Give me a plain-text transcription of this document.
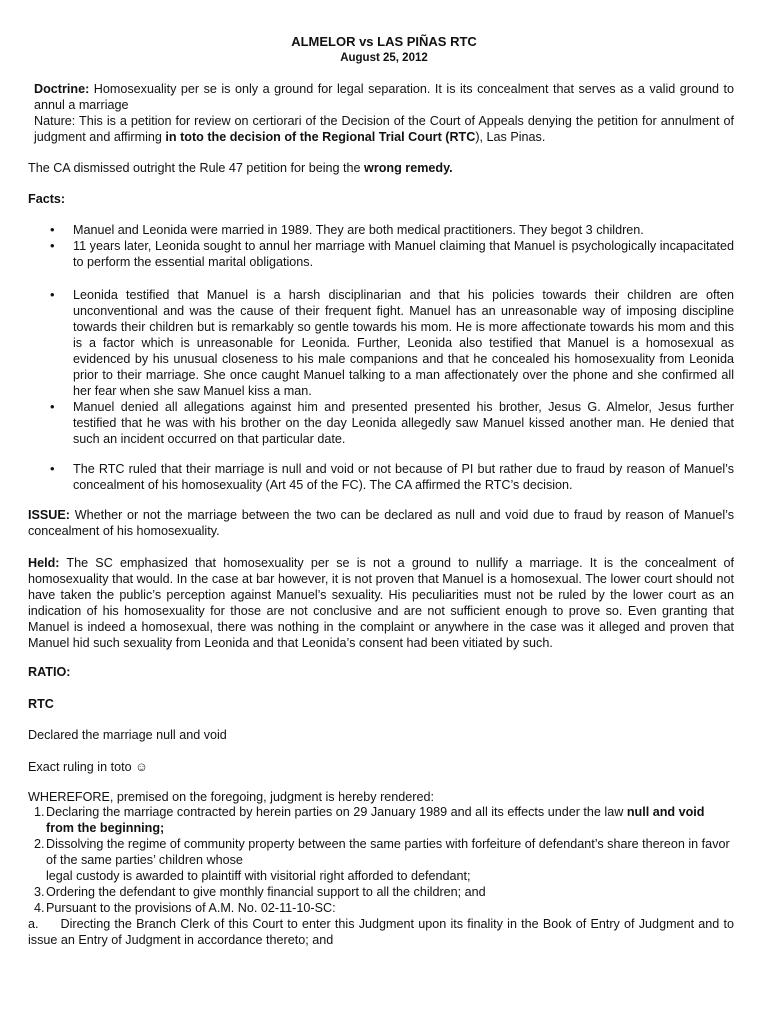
ALMELOR vs LAS PIÑAS RTC
August 25, 2012

Doctrine: Homosexuality per se is only a ground for legal separation. It is its concealment that serves as a valid ground to annul a marriage

Nature: This is a petition for review on certiorari of the Decision of the Court of Appeals denying the petition for annulment of judgment and affirming in toto the decision of the Regional Trial Court (RTC), Las Pinas.

The CA dismissed outright the Rule 47 petition for being the wrong remedy.

Facts:
• Manuel and Leonida were married in 1989. They are both medical practitioners. They begot 3 children.
• 11 years later, Leonida sought to annul her marriage with Manuel claiming that Manuel is psychologically incapacitated to perform the essential marital obligations.
• Leonida testified that Manuel is a harsh disciplinarian and that his policies towards their children are often unconventional and was the cause of their frequent fight. Manuel has an unreasonable way of imposing discipline towards their children but is remarkably so gentle towards his mom. He is more affectionate towards his mom and this is a factor which is unreasonable for Leonida. Further, Leonida also testified that Manuel is a homosexual as evidenced by his unusual closeness to his male companions and that he concealed his homosexuality from Leonida prior to their marriage. She once caught Manuel talking to a man affectionately over the phone and she confirmed all her fear when she saw Manuel kiss a man.
• Manuel denied all allegations against him and presented presented his brother, Jesus G. Almelor, Jesus further testified that he was with his brother on the day Leonida allegedly saw Manuel kissed another man. He denied that such an incident occurred on that particular date.
• The RTC ruled that their marriage is null and void or not because of PI but rather due to fraud by reason of Manuel’s concealment of his homosexuality (Art 45 of the FC). The CA affirmed the RTC’s decision.

ISSUE: Whether or not the marriage between the two can be declared as null and void due to fraud by reason of Manuel’s concealment of his homosexuality.

Held: The SC emphasized that homosexuality per se is not a ground to nullify a marriage. It is the concealment of homosexuality that would. In the case at bar however, it is not proven that Manuel is a homosexual. The lower court should not have taken the public’s perception against Manuel’s sexuality. His peculiarities must not be ruled by the lower court as an indication of his homosexuality for those are not conclusive and are not sufficient enough to prove so. Even granting that Manuel is indeed a homosexual, there was nothing in the complaint or anywhere in the case was it alleged and proven that Manuel hid such sexuality from Leonida and that Leonida’s consent had been vitiated by such.

RATIO:
RTC
Declared the marriage null and void
Exact ruling in toto ☺
WHEREFORE, premised on the foregoing, judgment is hereby rendered:
1. Declaring the marriage contracted by herein parties on 29 January 1989 and all its effects under the law null and void from the beginning;
2. Dissolving the regime of community property between the same parties with forfeiture of defendant’s share thereon in favor of the same parties’ children whose
legal custody is awarded to plaintiff with visitorial right afforded to defendant;
3. Ordering the defendant to give monthly financial support to all the children; and
4. Pursuant to the provisions of A.M. No. 02-11-10-SC:
a. Directing the Branch Clerk of this Court to enter this Judgment upon its finality in the Book of Entry of Judgment and to issue an Entry of Judgment in accordance thereto; and
